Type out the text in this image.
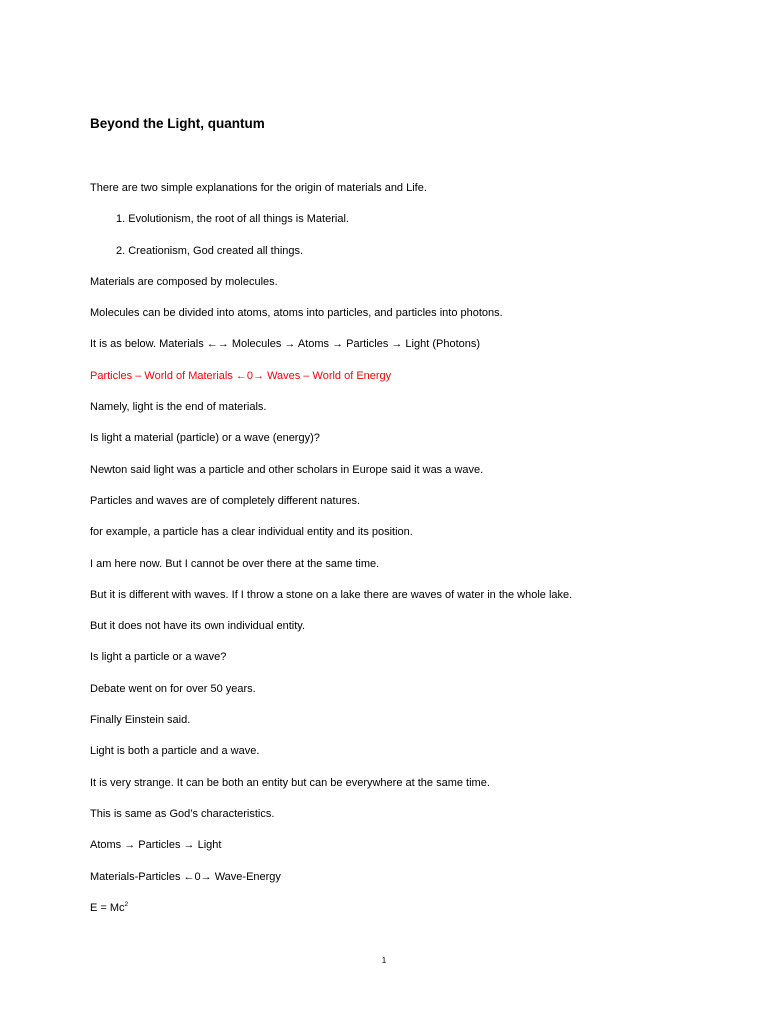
Beyond the Light, quantum

There are two simple explanations for the origin of materials and Life.

1. Evolutionism, the root of all things is Material.

2. Creationism, God created all things.

Materials are composed by molecules.

Molecules can be divided into atoms, atoms into particles, and particles into photons.

It is as below. Materials ←→ Molecules → Atoms → Particles → Light (Photons)

Particles – World of Materials ←0→ Waves – World of Energy

Namely, light is the end of materials.

Is light a material (particle) or a wave (energy)?

Newton said light was a particle and other scholars in Europe said it was a wave.

Particles and waves are of completely different natures.

for example, a particle has a clear individual entity and its position.

I am here now. But I cannot be over there at the same time.

But it is different with waves. If I throw a stone on a lake there are waves of water in the whole lake.

But it does not have its own individual entity.

Is light a particle or a wave?

Debate went on for over 50 years.

Finally Einstein said.

Light is both a particle and a wave.

It is very strange. It can be both an entity but can be everywhere at the same time.

This is same as God’s characteristics.

Atoms → Particles → Light

Materials-Particles ←0→ Wave-Energy

$E = Mc^2$

1
